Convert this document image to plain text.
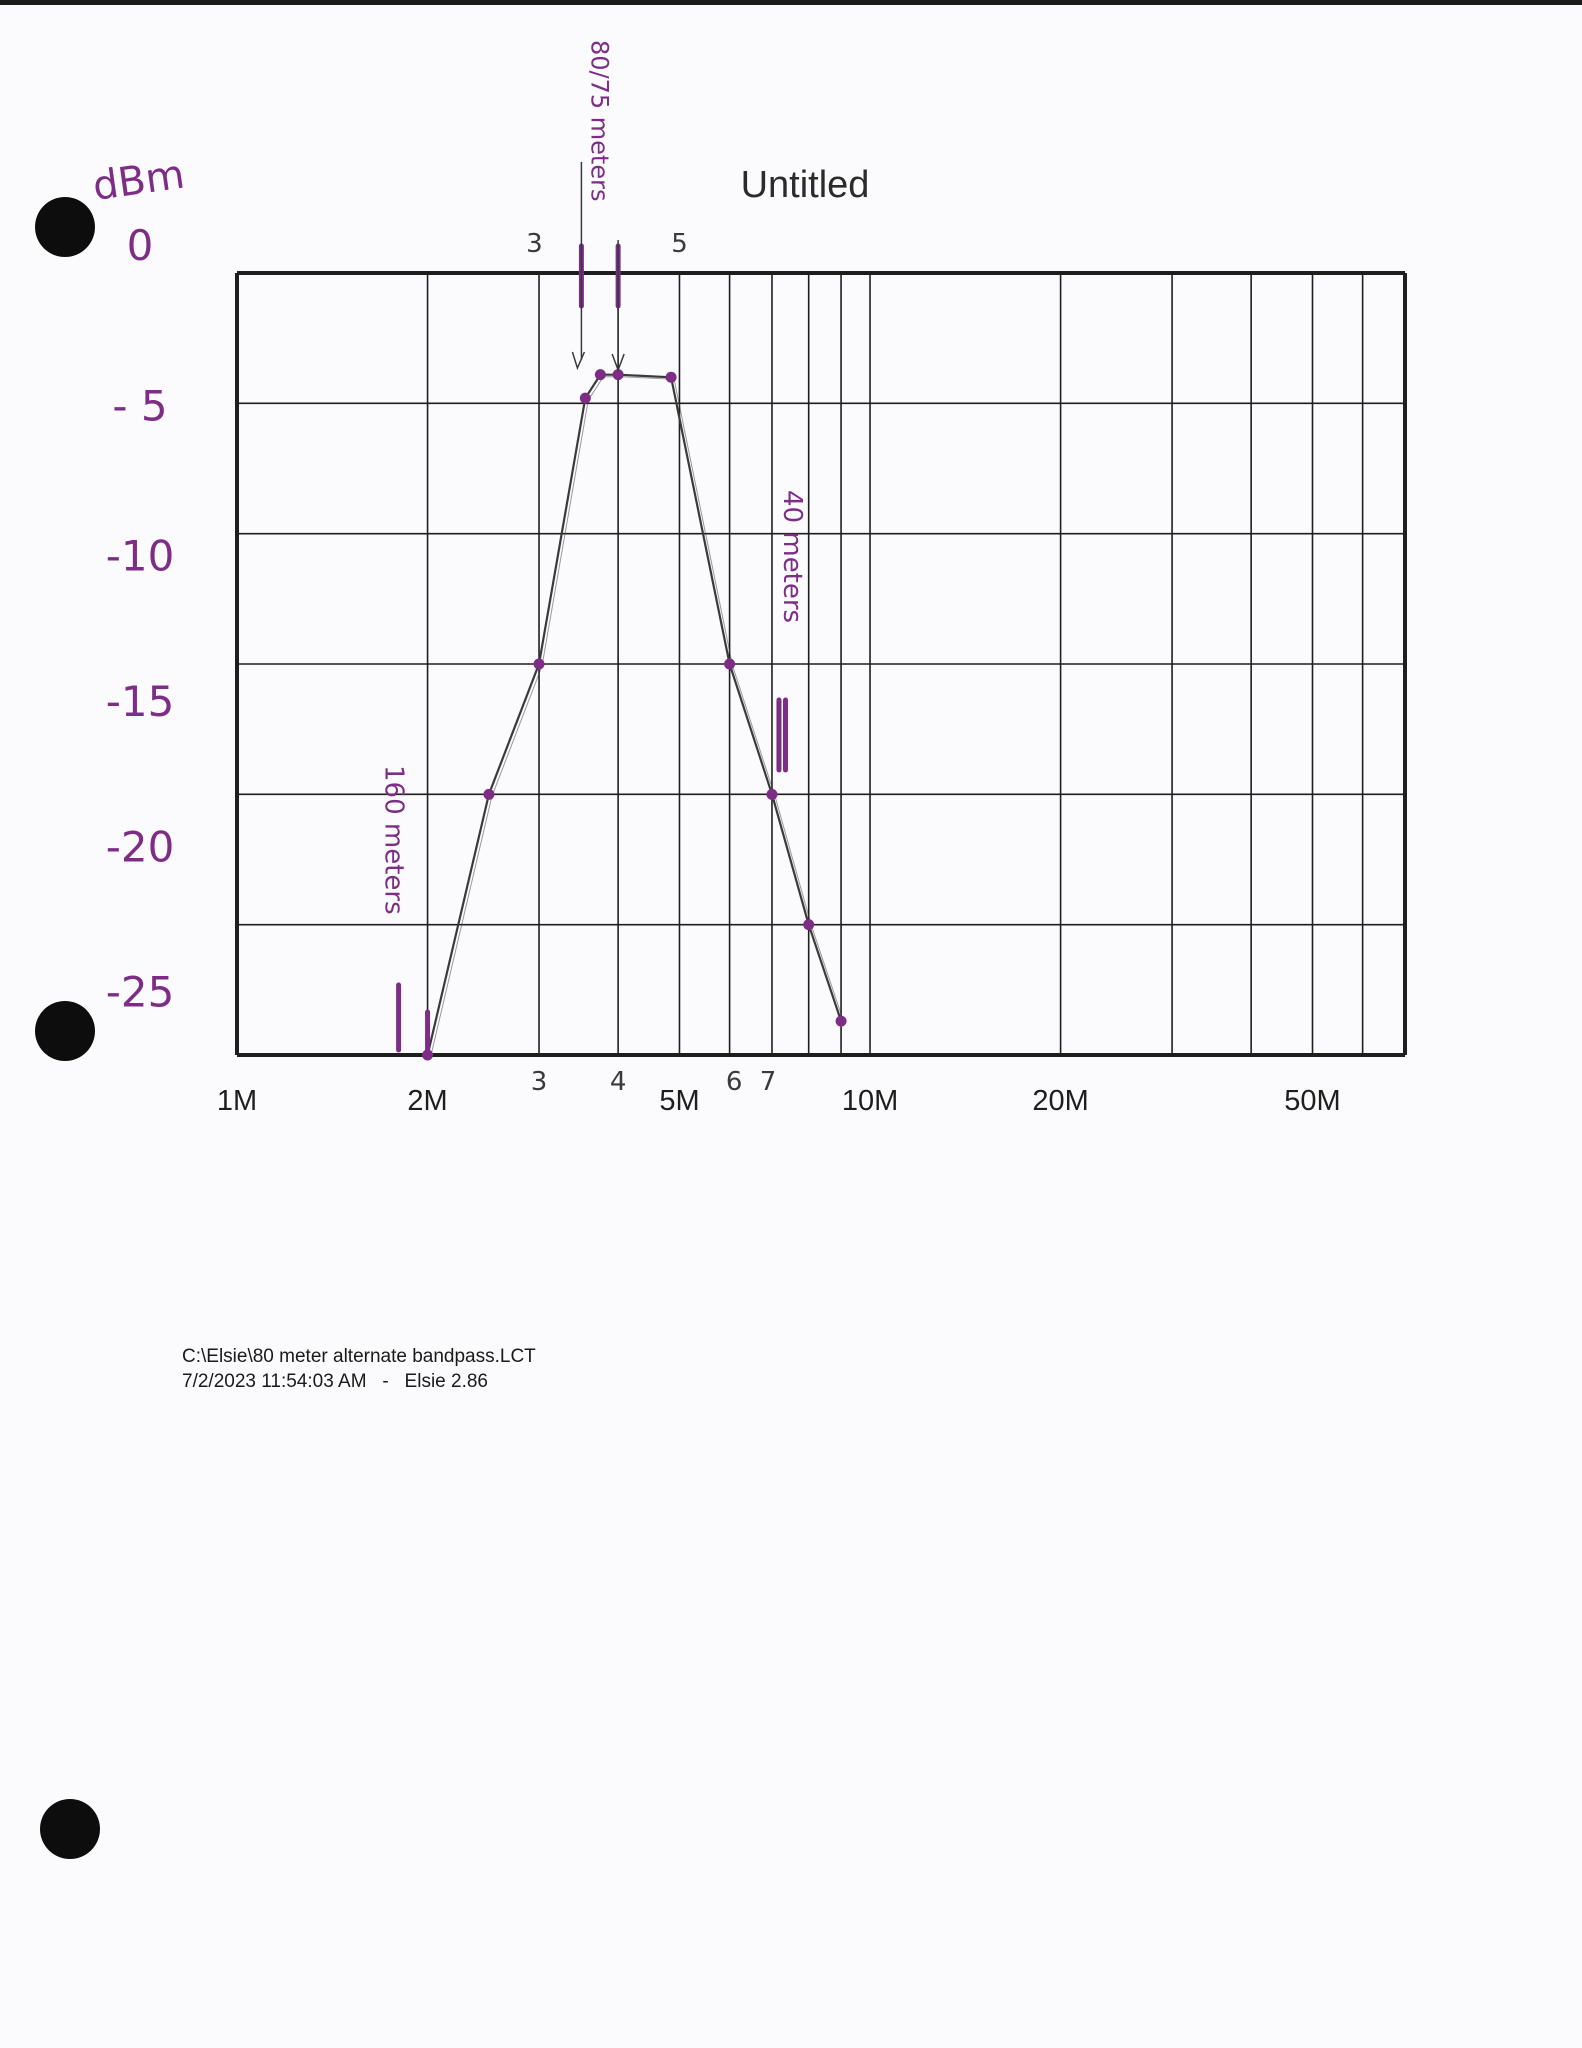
Untitled
160 meters
80/75 meters
40 meters
1M	2M	5M	10M	20M	50M
3 4	6 7
3	5
0
- 5
-10
-15
-20
-25
dBm
C:\Elsie\80 meter alternate bandpass.LCT
7/2/2023 11:54:03 AM - Elsie 2.86
